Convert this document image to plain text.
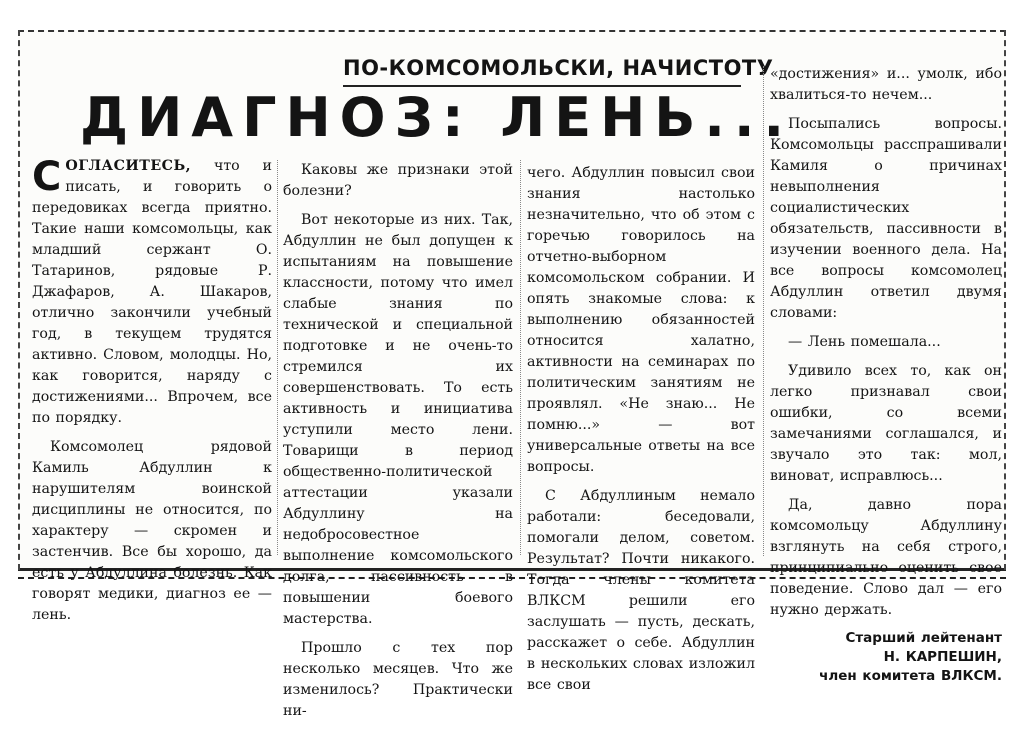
ПО-КОМСОМОЛЬСКИ, НАЧИСТОТУ
ДИАГНОЗ: ЛЕНЬ...

СОГЛАСИТЕСЬ, что и писать, и говорить о передовиках всегда приятно. Такие наши комсомольцы, как младший сержант О. Татаринов, рядовые Р. Джафаров, А. Шакаров, отлично закончили учебный год, в текущем трудятся активно. Словом, молодцы. Но, как говорится, наряду с достижениями... Впрочем, все по порядку.

Комсомолец рядовой Камиль Абдуллин к нарушителям воинской дисциплины не относится, по характеру — скромен и застенчив. Все бы хорошо, да есть у Абдуллина болезнь. Как говорят медики, диагноз ее — лень.

Каковы же признаки этой болезни?

Вот некоторые из них. Так, Абдуллин не был допущен к испытаниям на повышение классности, потому что имел слабые знания по технической и специальной подготовке и не очень-то стремился их совершенствовать. То есть активность и инициатива уступили место лени. Товарищи в период общественно-политической аттестации указали Абдуллину на недобросовестное выполнение комсомольского долга, пассивность в повышении боевого мастерства.

Прошло с тех пор несколько месяцев. Что же изменилось? Практически ни-

чего. Абдуллин повысил свои знания настолько незначительно, что об этом с горечью говорилось на отчетно-выборном комсомольском собрании. И опять знакомые слова: к выполнению обязанностей относится халатно, активности на семинарах по политическим занятиям не проявлял. «Не знаю... Не помню...» — вот универсальные ответы на все вопросы.

С Абдуллиным немало работали: беседовали, помогали делом, советом. Результат? Почти никакого. Тогда члены комитета ВЛКСМ решили его заслушать — пусть, дескать, расскажет о себе. Абдуллин в нескольких словах изложил все свои

«достижения» и... умолк, ибо хвалиться-то нечем...

Посыпались вопросы. Комсомольцы расспрашивали Камиля о причинах невыполнения социалистических обязательств, пассивности в изучении военного дела. На все вопросы комсомолец Абдуллин ответил двумя словами:

— Лень помешала...

Удивило всех то, как он легко признавал свои ошибки, со всеми замечаниями соглашался, и звучало это так: мол, виноват, исправлюсь...

Да, давно пора комсомольцу Абдуллину взглянуть на себя строго, принципиально оценить свое поведение. Слово дал — его нужно держать.

Старший лейтенант
Н. КАРПЕШИН,
член комитета ВЛКСМ.
